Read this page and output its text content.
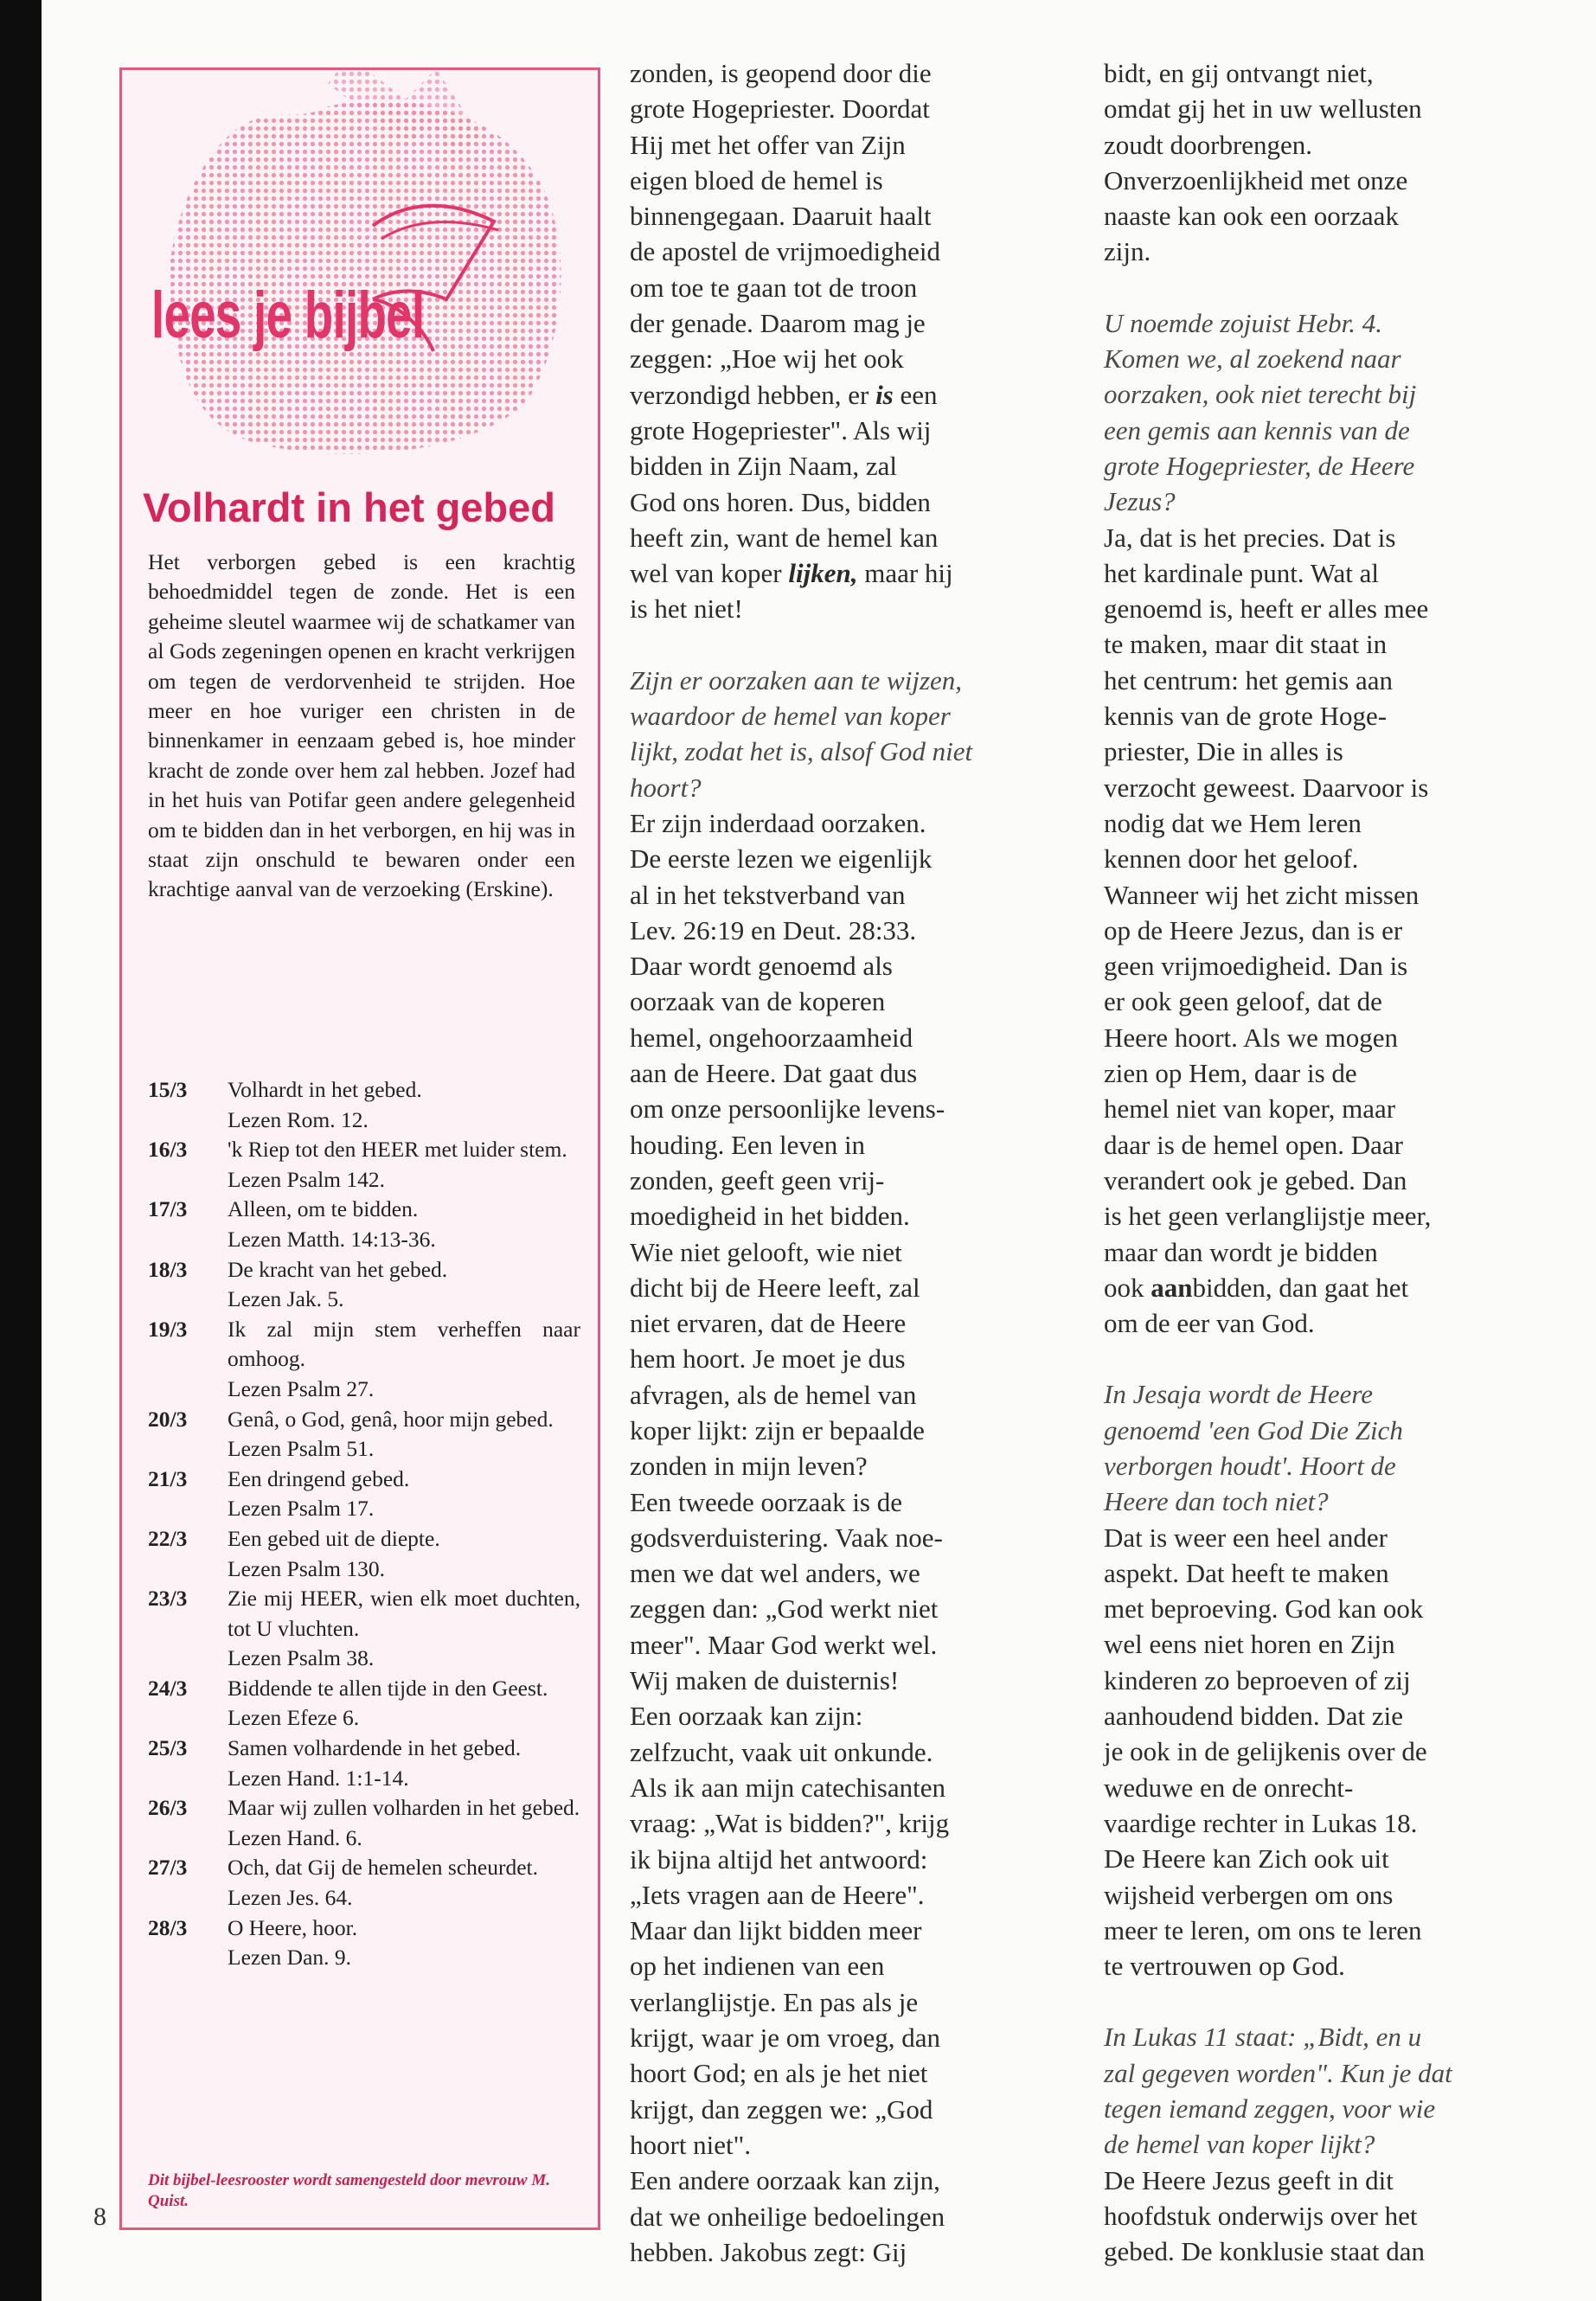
lees je bijbel
Volhardt in het gebed
Het verborgen gebed is een krachtig behoedmiddel tegen de zonde. Het is een geheime sleutel waarmee wij de schatkamer van al Gods zegeningen openen en kracht verkrijgen om tegen de verdorvenheid te strijden. Hoe meer en hoe vuriger een christen in de binnenkamer in eenzaam gebed is, hoe minder kracht de zonde over hem zal hebben. Jozef had in het huis van Potifar geen andere gelegenheid om te bidden dan in het verborgen, en hij was in staat zijn onschuld te bewaren onder een krachtige aanval van de verzoeking (Erskine).
15/3	Volhardt in het gebed.
Lezen Rom. 12.
16/3	'k Riep tot den HEER met luider stem.
Lezen Psalm 142.
17/3	Alleen, om te bidden.
Lezen Matth. 14:13-36.
18/3	De kracht van het gebed.
Lezen Jak. 5.
19/3	Ik zal mijn stem verheffen naar omhoog.
Lezen Psalm 27.
20/3	Genâ, o God, genâ, hoor mijn gebed.
Lezen Psalm 51.
21/3	Een dringend gebed.
Lezen Psalm 17.
22/3	Een gebed uit de diepte.
Lezen Psalm 130.
23/3	Zie mij HEER, wien elk moet duchten, tot U vluchten.
Lezen Psalm 38.
24/3	Biddende te allen tijde in den Geest.
Lezen Efeze 6.
25/3	Samen volhardende in het gebed.
Lezen Hand. 1:1-14.
26/3	Maar wij zullen volharden in het gebed.
Lezen Hand. 6.
27/3	Och, dat Gij de hemelen scheurdet.
Lezen Jes. 64.
28/3	O Heere, hoor.
Lezen Dan. 9.
Dit bijbel-leesrooster wordt samengesteld door mevrouw M. Quist.
8

zonden, is geopend door die
grote Hogepriester. Doordat
Hij met het offer van Zijn
eigen bloed de hemel is
binnengegaan. Daaruit haalt
de apostel de vrijmoedigheid
om toe te gaan tot de troon
der genade. Daarom mag je
zeggen: „Hoe wij het ook
verzondigd hebben, er is een
grote Hogepriester". Als wij
bidden in Zijn Naam, zal
God ons horen. Dus, bidden
heeft zin, want de hemel kan
wel van koper lijken, maar hij
is het niet!

Zijn er oorzaken aan te wijzen,
waardoor de hemel van koper
lijkt, zodat het is, alsof God niet
hoort?

Er zijn inderdaad oorzaken.
De eerste lezen we eigenlijk
al in het tekstverband van
Lev. 26:19 en Deut. 28:33.
Daar wordt genoemd als
oorzaak van de koperen
hemel, ongehoorzaamheid
aan de Heere. Dat gaat dus
om onze persoonlijke levens-
houding. Een leven in
zonden, geeft geen vrij-
moedigheid in het bidden.
Wie niet gelooft, wie niet
dicht bij de Heere leeft, zal
niet ervaren, dat de Heere
hem hoort. Je moet je dus
afvragen, als de hemel van
koper lijkt: zijn er bepaalde
zonden in mijn leven?
Een tweede oorzaak is de
godsverduistering. Vaak noe-
men we dat wel anders, we
zeggen dan: „God werkt niet
meer". Maar God werkt wel.
Wij maken de duisternis!
Een oorzaak kan zijn:
zelfzucht, vaak uit onkunde.
Als ik aan mijn catechisanten
vraag: „Wat is bidden?", krijg
ik bijna altijd het antwoord:
„Iets vragen aan de Heere".
Maar dan lijkt bidden meer
op het indienen van een
verlanglijstje. En pas als je
krijgt, waar je om vroeg, dan
hoort God; en als je het niet
krijgt, dan zeggen we: „God
hoort niet".
Een andere oorzaak kan zijn,
dat we onheilige bedoelingen
hebben. Jakobus zegt: Gij

bidt, en gij ontvangt niet,
omdat gij het in uw wellusten
zoudt doorbrengen.
Onverzoenlijkheid met onze
naaste kan ook een oorzaak
zijn.

U noemde zojuist Hebr. 4.
Komen we, al zoekend naar
oorzaken, ook niet terecht bij
een gemis aan kennis van de
grote Hogepriester, de Heere
Jezus?

Ja, dat is het precies. Dat is
het kardinale punt. Wat al
genoemd is, heeft er alles mee
te maken, maar dit staat in
het centrum: het gemis aan
kennis van de grote Hoge-
priester, Die in alles is
verzocht geweest. Daarvoor is
nodig dat we Hem leren
kennen door het geloof.
Wanneer wij het zicht missen
op de Heere Jezus, dan is er
geen vrijmoedigheid. Dan is
er ook geen geloof, dat de
Heere hoort. Als we mogen
zien op Hem, daar is de
hemel niet van koper, maar
daar is de hemel open. Daar
verandert ook je gebed. Dan
is het geen verlanglijstje meer,
maar dan wordt je bidden
ook aanbidden, dan gaat het
om de eer van God.

In Jesaja wordt de Heere
genoemd 'een God Die Zich
verborgen houdt'. Hoort de
Heere dan toch niet?

Dat is weer een heel ander
aspekt. Dat heeft te maken
met beproeving. God kan ook
wel eens niet horen en Zijn
kinderen zo beproeven of zij
aanhoudend bidden. Dat zie
je ook in de gelijkenis over de
weduwe en de onrecht-
vaardige rechter in Lukas 18.
De Heere kan Zich ook uit
wijsheid verbergen om ons
meer te leren, om ons te leren
te vertrouwen op God.

In Lukas 11 staat: „Bidt, en u
zal gegeven worden". Kun je dat
tegen iemand zeggen, voor wie
de hemel van koper lijkt?

De Heere Jezus geeft in dit
hoofdstuk onderwijs over het
gebed. De konklusie staat dan
